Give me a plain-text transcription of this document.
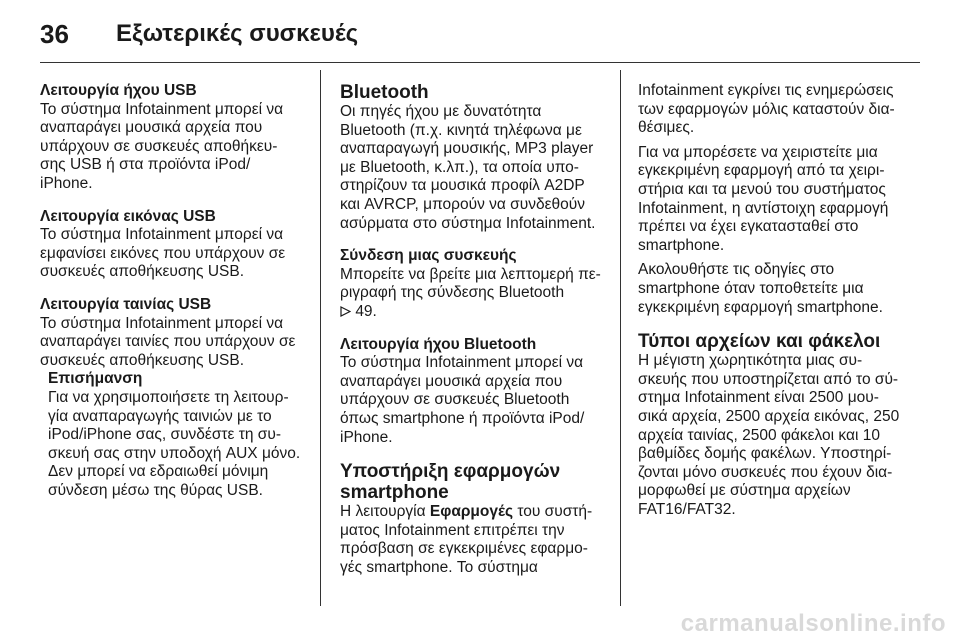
36	Εξωτερικές συσκευές
Λειτουργία ήχου USB
Το σύστημα Infotainment μπορεί να
αναπαράγει μουσικά αρχεία που
υπάρχουν σε συσκευές αποθήκευ-
σης USB ή στα προϊόντα iPod/
iPhone.
Λειτουργία εικόνας USB
Το σύστημα Infotainment μπορεί να
εμφανίσει εικόνες που υπάρχουν σε
συσκευές αποθήκευσης USB.
Λειτουργία ταινίας USB
Το σύστημα Infotainment μπορεί να
αναπαράγει ταινίες που υπάρχουν σε
συσκευές αποθήκευσης USB.
Επισήμανση
Για να χρησιμοποιήσετε τη λειτουρ-
γία αναπαραγωγής ταινιών με το
iPod/iPhone σας, συνδέστε τη συ-
σκευή σας στην υποδοχή AUX μόνο.
Δεν μπορεί να εδραιωθεί μόνιμη
σύνδεση μέσω της θύρας USB.
Bluetooth
Οι πηγές ήχου με δυνατότητα
Bluetooth (π.χ. κινητά τηλέφωνα με
αναπαραγωγή μουσικής, MP3 player
με Bluetooth, κ.λπ.), τα οποία υπο-
στηρίζουν τα μουσικά προφίλ A2DP
και AVRCP, μπορούν να συνδεθούν
ασύρματα στο σύστημα Infotainment.
Σύνδεση μιας συσκευής
Μπορείτε να βρείτε μια λεπτομερή πε-
ριγραφή της σύνδεσης Bluetooth
49.
Λειτουργία ήχου Bluetooth
Το σύστημα Infotainment μπορεί να
αναπαράγει μουσικά αρχεία που
υπάρχουν σε συσκευές Bluetooth
όπως smartphone ή προϊόντα iPod/
iPhone.
Υποστήριξη εφαρμογών
smartphone
Η λειτουργία Εφαρμογές του συστή-
ματος Infotainment επιτρέπει την
πρόσβαση σε εγκεκριμένες εφαρμο-
γές smartphone. Το σύστημα
Infotainment εγκρίνει τις ενημερώσεις
των εφαρμογών μόλις καταστούν δια-
θέσιμες.
Για να μπορέσετε να χειριστείτε μια
εγκεκριμένη εφαρμογή από τα χειρι-
στήρια και τα μενού του συστήματος
Infotainment, η αντίστοιχη εφαρμογή
πρέπει να έχει εγκατασταθεί στο
smartphone.
Ακολουθήστε τις οδηγίες στο
smartphone όταν τοποθετείτε μια
εγκεκριμένη εφαρμογή smartphone.
Τύποι αρχείων και φάκελοι
Η μέγιστη χωρητικότητα μιας συ-
σκευής που υποστηρίζεται από το σύ-
στημα Infotainment είναι 2500 μου-
σικά αρχεία, 2500 αρχεία εικόνας, 250
αρχεία ταινίας, 2500 φάκελοι και 10
βαθμίδες δομής φακέλων. Υποστηρί-
ζονται μόνο συσκευές που έχουν δια-
μορφωθεί με σύστημα αρχείων
FAT16/FAT32.
carmanualsonline.info
